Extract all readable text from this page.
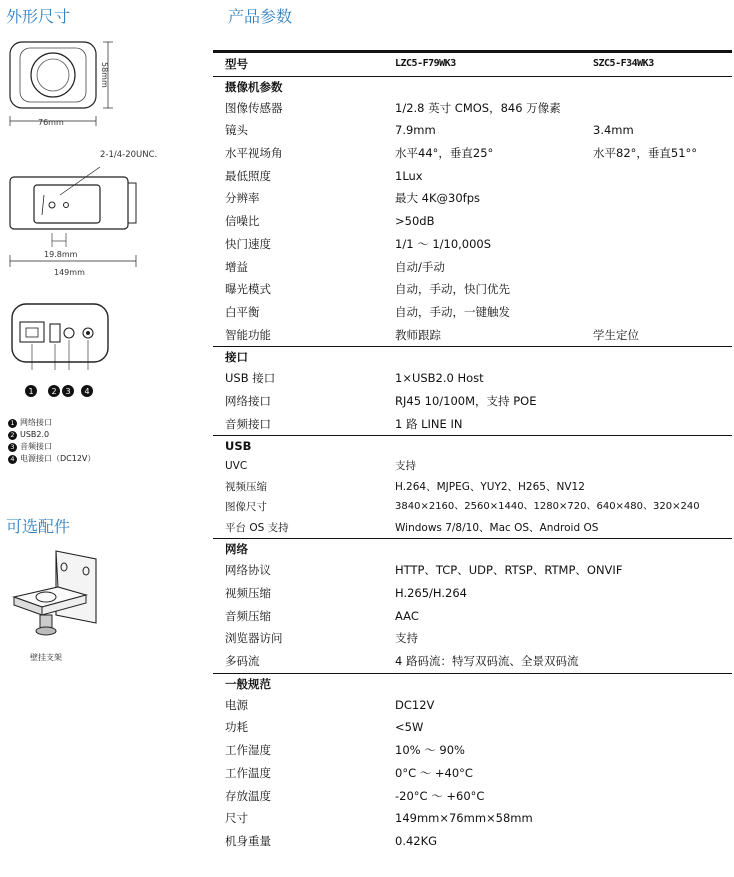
外形尺寸
58mm
76mm
2-1/4-20UNC.
19.8mm
149mm
1 2 3 4
1 网络接口
2 USB2.0
3 音频接口
4 电源接口（DC12V）
可选配件
壁挂支架
产品参数
型号	LZC5-F79WK3	SZC5-F34WK3
摄像机参数
图像传感器	1/2.8 英寸 CMOS，846 万像素
镜头	7.9mm	3.4mm
水平视场角	水平44°，垂直25°	水平82°，垂直51°°
最低照度	1Lux
分辨率	最大 4K@30fps
信噪比	>50dB
快门速度	1/1 ～ 1/10,000S
增益	自动/手动
曝光模式	自动，手动，快门优先
白平衡	自动，手动，一键触发
智能功能	教师跟踪	学生定位
接口
USB 接口	1×USB2.0 Host
网络接口	RJ45 10/100M，支持 POE
音频接口	1 路 LINE IN
USB
UVC	支持
视频压缩	H.264、MJPEG、YUY2、H265、NV12
图像尺寸	3840×2160、2560×1440、1280×720、640×480、320×240
平台 OS 支持	Windows 7/8/10、Mac OS、Android OS
网络
网络协议	HTTP、TCP、UDP、RTSP、RTMP、ONVIF
视频压缩	H.265/H.264
音频压缩	AAC
浏览器访问	支持
多码流	4 路码流：特写双码流、全景双码流
一般规范
电源	DC12V
功耗	<5W
工作湿度	10% ～ 90%
工作温度	0°C ～ +40°C
存放温度	-20°C ～ +60°C
尺寸	149mm×76mm×58mm
机身重量	0.42KG
